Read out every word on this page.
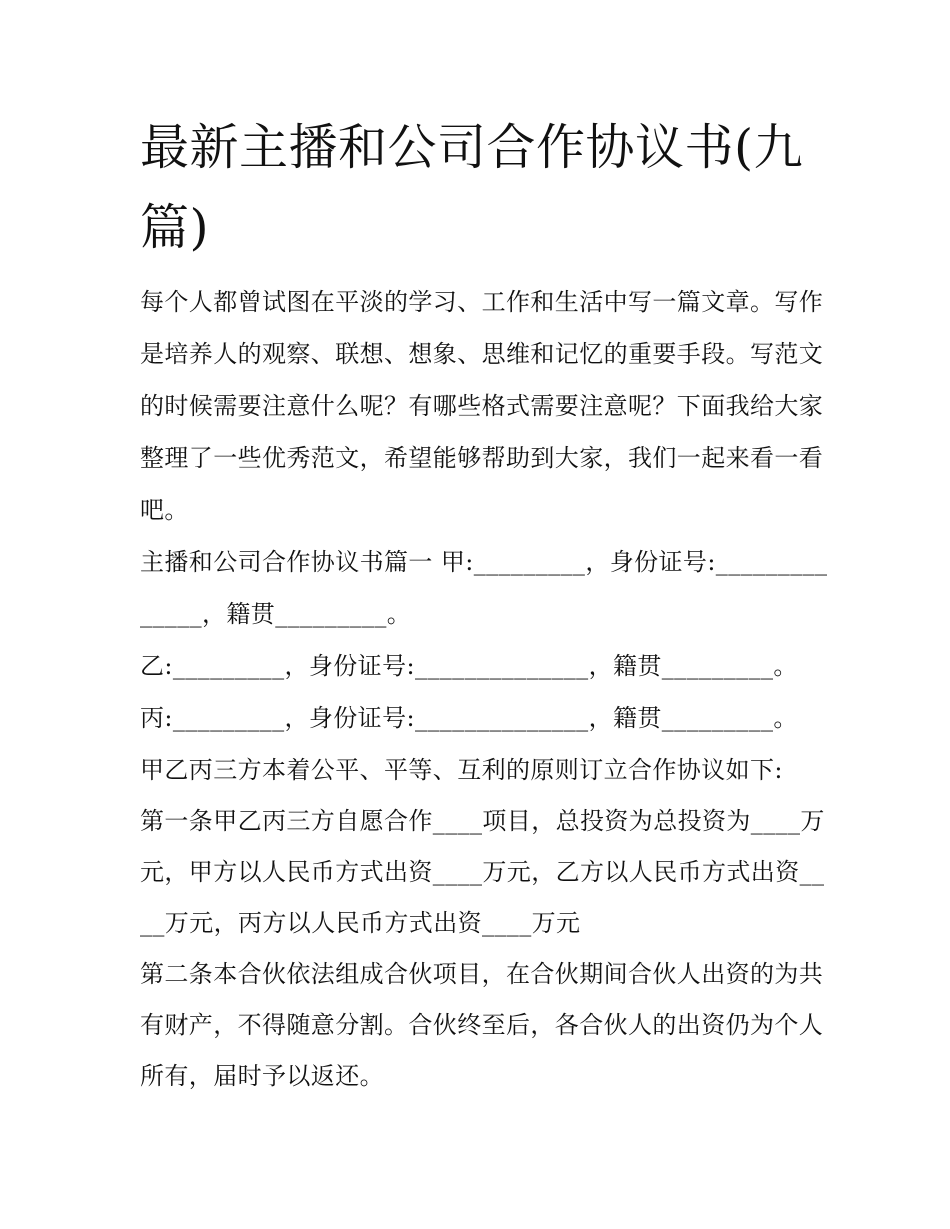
最新主播和公司合作协议书(九篇)

每个人都曾试图在平淡的学习、工作和生活中写一篇文章。写作是培养人的观察、联想、想象、思维和记忆的重要手段。写范文的时候需要注意什么呢？有哪些格式需要注意呢？下面我给大家整理了一些优秀范文，希望能够帮助到大家，我们一起来看一看吧。

主播和公司合作协议书篇一 甲:_________，身份证号:______________，籍贯_________。

乙:_________，身份证号:______________，籍贯_________。

丙:_________，身份证号:______________，籍贯_________。

甲乙丙三方本着公平、平等、互利的原则订立合作协议如下:

第一条甲乙丙三方自愿合作____项目，总投资为总投资为____万元，甲方以人民币方式出资____万元，乙方以人民币方式出资____万元，丙方以人民币方式出资____万元

第二条本合伙依法组成合伙项目，在合伙期间合伙人出资的为共有财产，不得随意分割。合伙终至后，各合伙人的出资仍为个人所有，届时予以返还。
